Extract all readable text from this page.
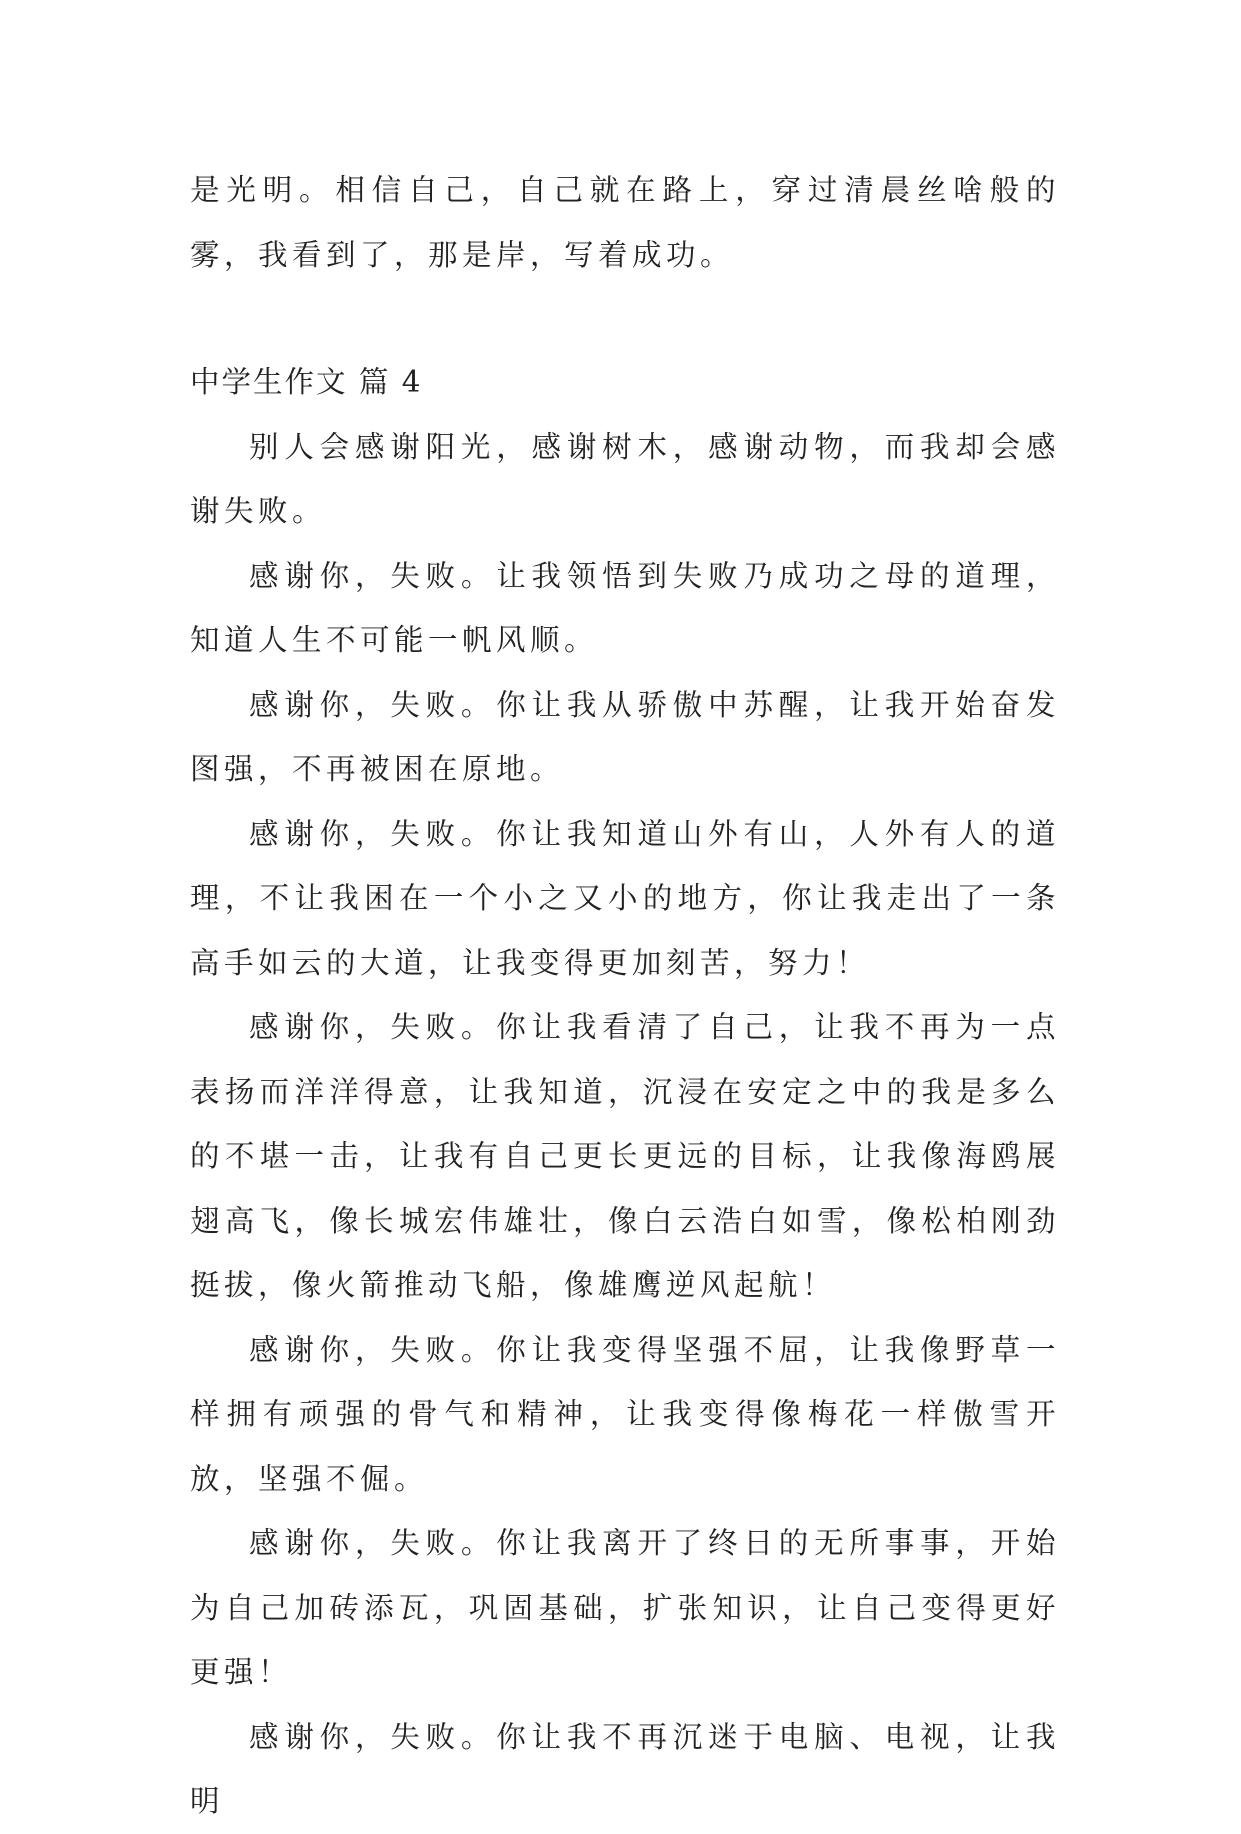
是光明。相信自己，自己就在路上，穿过清晨丝啥般的雾，我看到了，那是岸，写着成功。

中学生作文 篇 4

别人会感谢阳光，感谢树木，感谢动物，而我却会感谢失败。

感谢你，失败。让我领悟到失败乃成功之母的道理，知道人生不可能一帆风顺。

感谢你，失败。你让我从骄傲中苏醒，让我开始奋发图强，不再被困在原地。

感谢你，失败。你让我知道山外有山，人外有人的道理，不让我困在一个小之又小的地方，你让我走出了一条高手如云的大道，让我变得更加刻苦，努力！

感谢你，失败。你让我看清了自己，让我不再为一点表扬而洋洋得意，让我知道，沉浸在安定之中的我是多么的不堪一击，让我有自己更长更远的目标，让我像海鸥展翅高飞，像长城宏伟雄壮，像白云浩白如雪，像松柏刚劲挺拔，像火箭推动飞船，像雄鹰逆风起航！

感谢你，失败。你让我变得坚强不屈，让我像野草一样拥有顽强的骨气和精神，让我变得像梅花一样傲雪开放，坚强不倔。

感谢你，失败。你让我离开了终日的无所事事，开始为自己加砖添瓦，巩固基础，扩张知识，让自己变得更好更强！

感谢你，失败。你让我不再沉迷于电脑、电视，让我明
